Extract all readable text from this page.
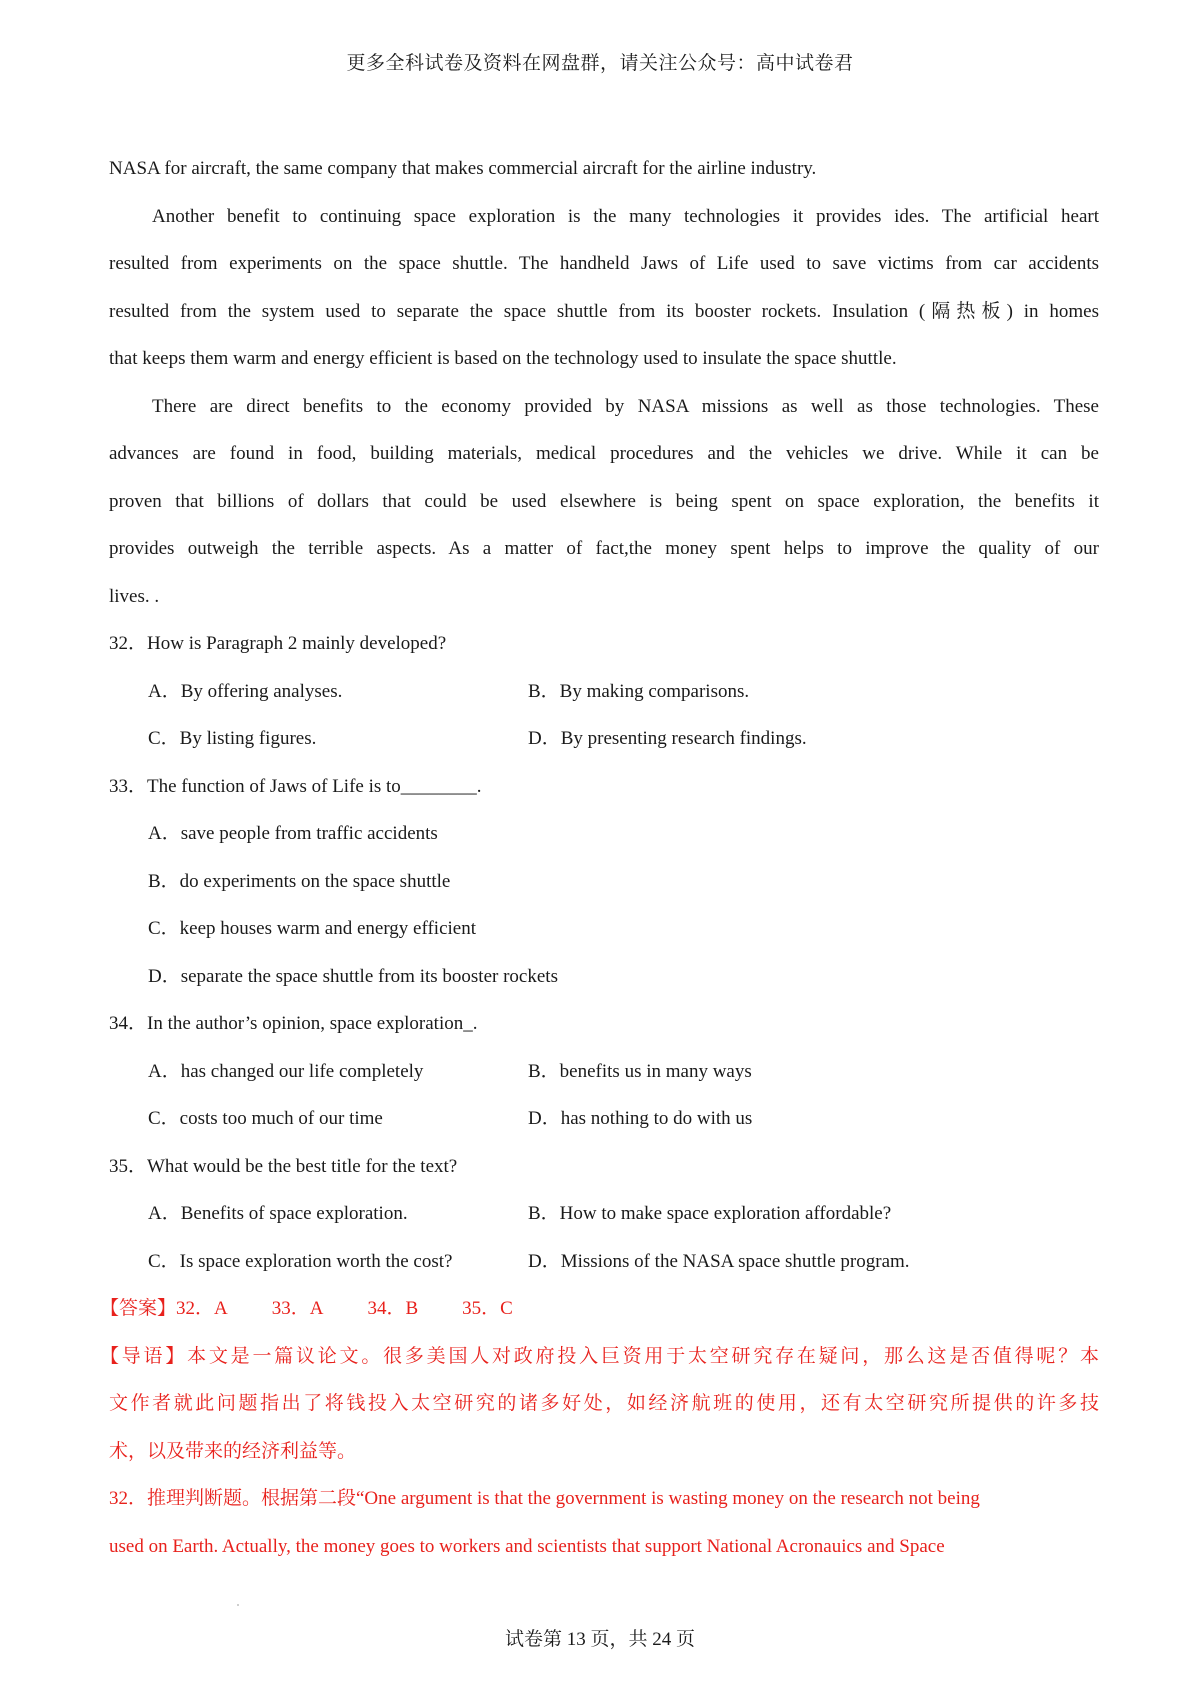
更多全科试卷及资料在网盘群，请关注公众号：高中试卷君
NASA for aircraft, the same company that makes commercial aircraft for the airline industry.
Another benefit to continuing space exploration is the many technologies it provides ides. The artificial heart
resulted from experiments on the space shuttle. The handheld Jaws of Life used to save victims from car accidents
resulted from the system used to separate the space shuttle from its booster rockets. Insulation (隔热板) in homes
that keeps them warm and energy efficient is based on the technology used to insulate the space shuttle.
There are direct benefits to the economy provided by NASA missions as well as those technologies. These
advances are found in food, building materials, medical procedures and the vehicles we drive. While it can be
proven that billions of dollars that could be used elsewhere is being spent on space exploration, the benefits it
provides outweigh the terrible aspects. As a matter of fact,the money spent helps to improve the quality of our
lives. .
32．How is Paragraph 2 mainly developed?
A．By offering analyses.	B．By making comparisons.
C．By listing figures.	D．By presenting research findings.
33．The function of Jaws of Life is to________.
A．save people from traffic accidents
B．do experiments on the space shuttle
C．keep houses warm and energy efficient
D．separate the space shuttle from its booster rockets
34．In the author’s opinion, space exploration_.
A．has changed our life completely	B．benefits us in many ways
C．costs too much of our time	D．has nothing to do with us
35．What would be the best title for the text?
A．Benefits of space exploration.	B．How to make space exploration affordable?
C．Is space exploration worth the cost?	D．Missions of the NASA space shuttle program.
【答案】32．A 33．A 34．B 35．C
【导语】本文是一篇议论文。很多美国人对政府投入巨资用于太空研究存在疑问，那么这是否值得呢？本
文作者就此问题指出了将钱投入太空研究的诸多好处，如经济航班的使用，还有太空研究所提供的许多技
术，以及带来的经济利益等。
32．推理判断题。根据第二段“One argument is that the government is wasting money on the research not being
used on Earth. Actually, the money goes to workers and scientists that support National Acronauics and Space
试卷第 13 页，共 24 页
